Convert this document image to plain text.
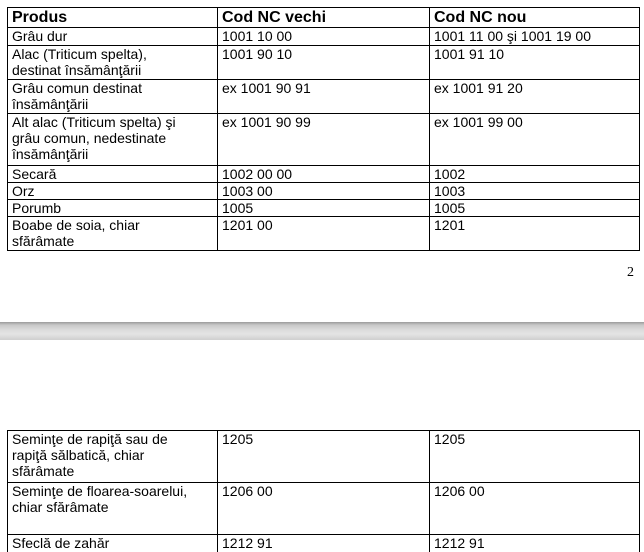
Produs	Cod NC vechi	Cod NC nou
Grâu dur	1001 10 00	1001 11 00 şi 1001 19 00
Alac (Triticum spelta), destinat însămânţării	1001 90 10	1001 91 10
Grâu comun destinat însămânţării	ex 1001 90 91	ex 1001 91 20
Alt alac (Triticum spelta) şi grâu comun, nedestinate însămânţării	ex 1001 90 99	ex 1001 99 00
Secară	1002 00 00	1002
Orz	1003 00	1003
Porumb	1005	1005
Boabe de soia, chiar sfărâmate	1201 00	1201
2
Seminţe de rapiţă sau de rapiţă sălbatică, chiar sfărâmate	1205	1205
Seminţe de floarea-soarelui, chiar sfărâmate	1206 00	1206 00
Sfeclă de zahăr	1212 91	1212 91
